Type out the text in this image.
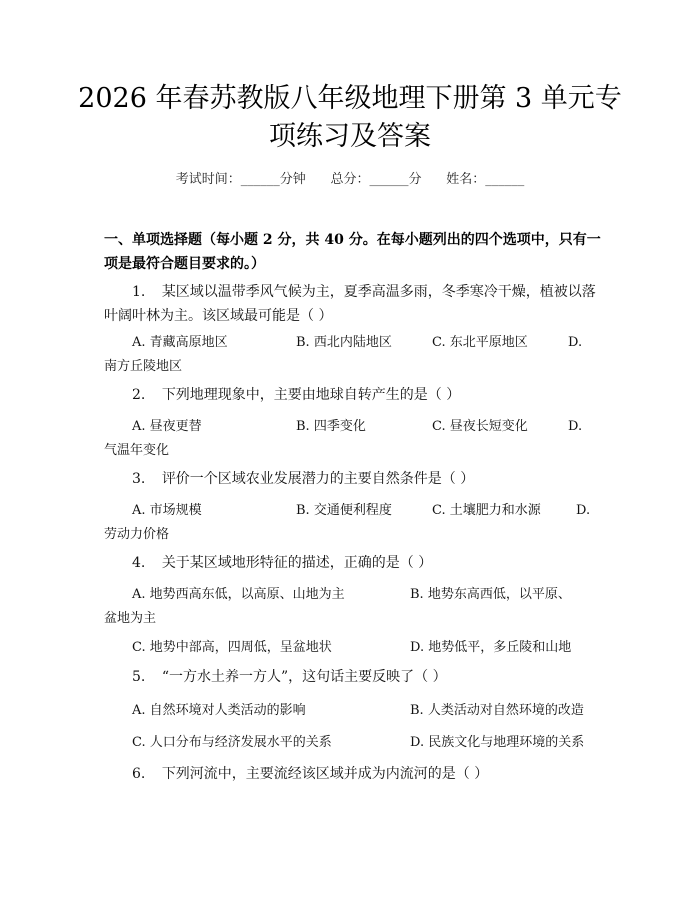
2026 年春苏教版八年级地理下册第 3 单元专
项练习及答案
考试时间：______分钟      总分：______分      姓名：______
一、单项选择题（每小题 2 分，共 40 分。在每小题列出的四个选项中，只有一项是最符合题目要求的。）
1. 某区域以温带季风气候为主，夏季高温多雨，冬季寒冷干燥，植被以落叶阔叶林为主。该区域最可能是（ ）
A. 青藏高原地区	B. 西北内陆地区	C. 东北平原地区	D.
南方丘陵地区
2. 下列地理现象中，主要由地球自转产生的是（ ）
A. 昼夜更替	B. 四季变化	C. 昼夜长短变化	D.
气温年变化
3. 评价一个区域农业发展潜力的主要自然条件是（ ）
A. 市场规模	B. 交通便利程度	C. 土壤肥力和水源	D.
劳动力价格
4. 关于某区域地形特征的描述，正确的是（ ）
A. 地势西高东低，以高原、山地为主	B. 地势东高西低，以平原、
盆地为主
C. 地势中部高，四周低，呈盆地状	D. 地势低平，多丘陵和山地
5. “一方水土养一方人”，这句话主要反映了（ ）
A. 自然环境对人类活动的影响	B. 人类活动对自然环境的改造
C. 人口分布与经济发展水平的关系	D. 民族文化与地理环境的关系
6. 下列河流中，主要流经该区域并成为内流河的是（ ）
